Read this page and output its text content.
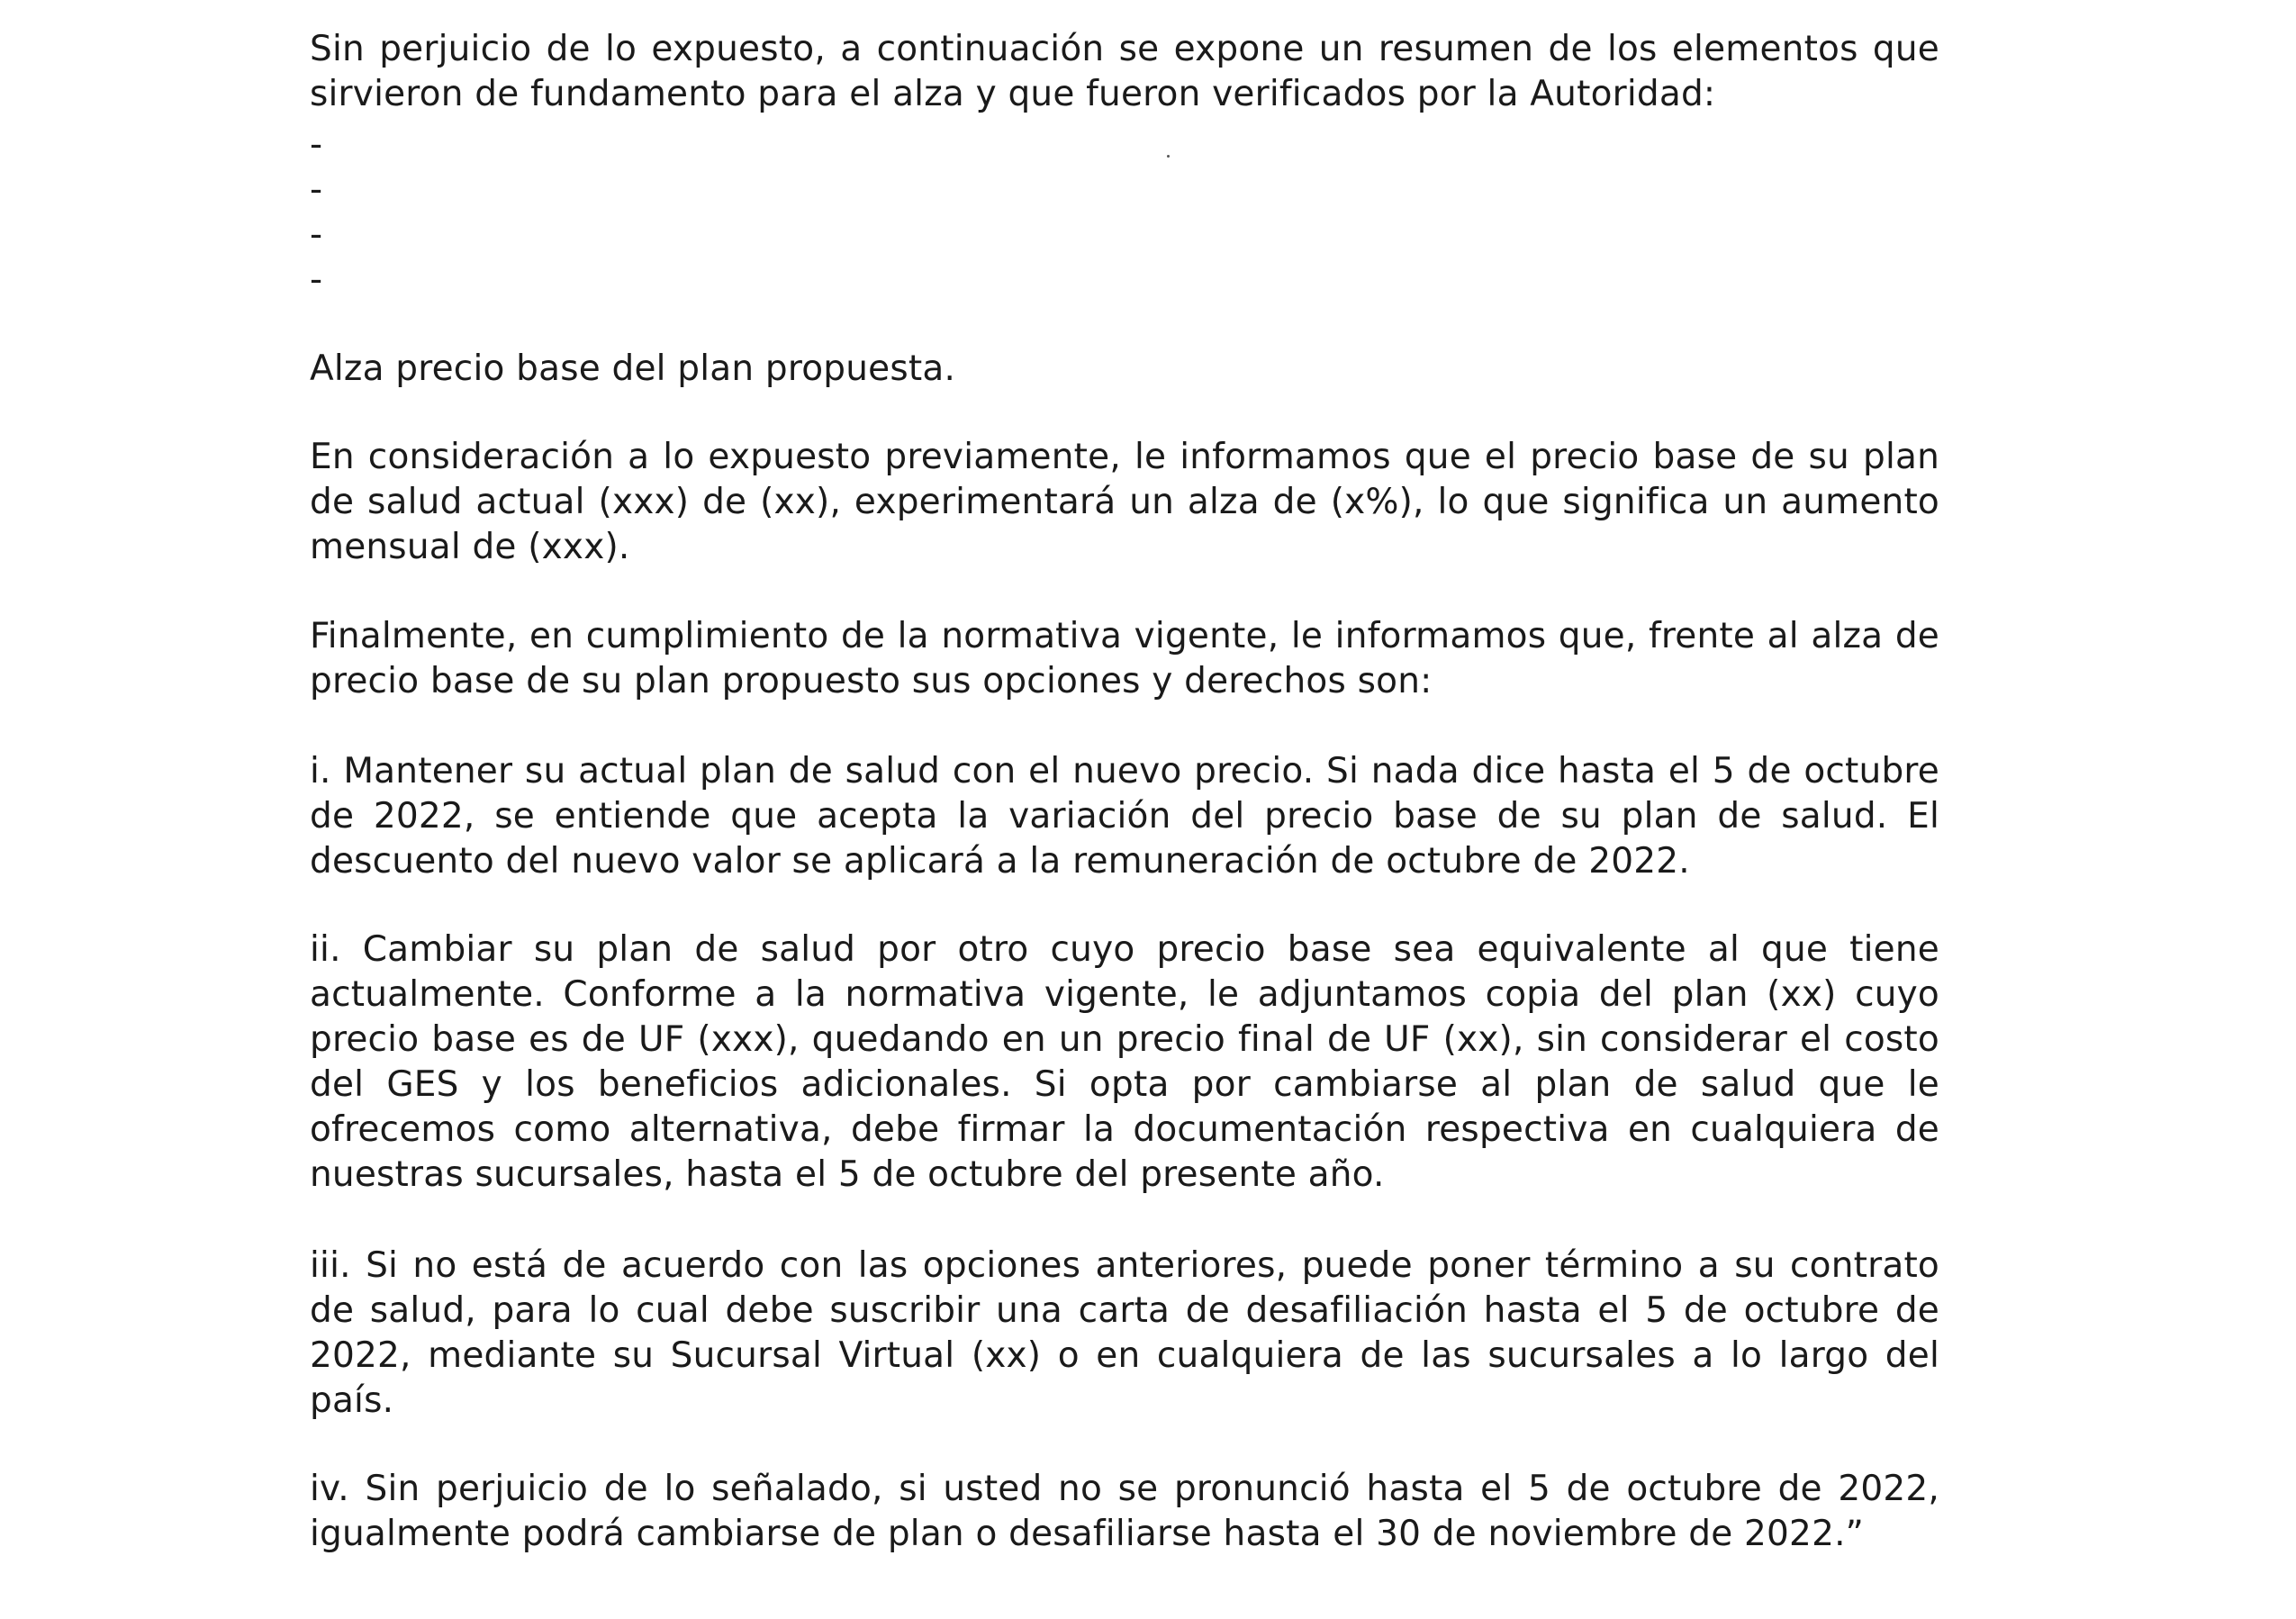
Sin perjuicio de lo expuesto, a continuación se expone un resumen de los elementos que sirvieron de fundamento para el alza y que fueron verificados por la Autoridad:

-
-
-
-

Alza precio base del plan propuesta.

En consideración a lo expuesto previamente, le informamos que el precio base de su plan de salud actual (xxx) de (xx), experimentará un alza de (x%), lo que significa un aumento mensual de (xxx).

Finalmente, en cumplimiento de la normativa vigente, le informamos que, frente al alza de precio base de su plan propuesto sus opciones y derechos son:

i. Mantener su actual plan de salud con el nuevo precio. Si nada dice hasta el 5 de octubre de 2022, se entiende que acepta la variación del precio base de su plan de salud. El descuento del nuevo valor se aplicará a la remuneración de octubre de 2022.

ii. Cambiar su plan de salud por otro cuyo precio base sea equivalente al que tiene actualmente. Conforme a la normativa vigente, le adjuntamos copia del plan (xx) cuyo precio base es de UF (xxx), quedando en un precio final de UF (xx), sin considerar el costo del GES y los beneficios adicionales. Si opta por cambiarse al plan de salud que le ofrecemos como alternativa, debe firmar la documentación respectiva en cualquiera de nuestras sucursales, hasta el 5 de octubre del presente año.

iii. Si no está de acuerdo con las opciones anteriores, puede poner término a su contrato de salud, para lo cual debe suscribir una carta de desafiliación hasta el 5 de octubre de 2022, mediante su Sucursal Virtual (xx) o en cualquiera de las sucursales a lo largo del país.

iv. Sin perjuicio de lo señalado, si usted no se pronunció hasta el 5 de octubre de 2022, igualmente podrá cambiarse de plan o desafiliarse hasta el 30 de noviembre de 2022.”
